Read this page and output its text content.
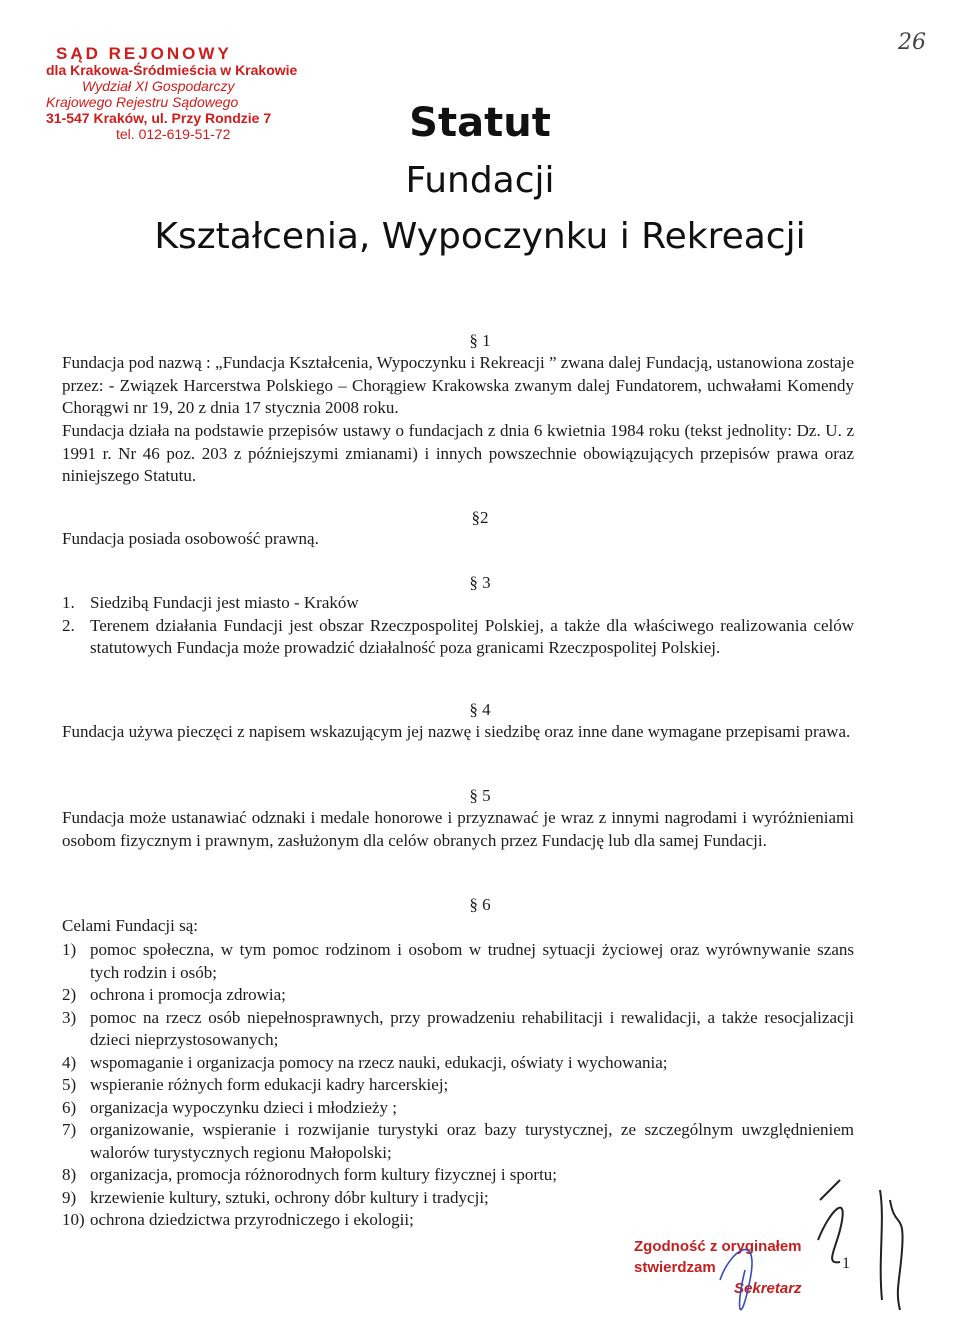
SĄD REJONOWY
dla Krakowa-Śródmieścia w Krakowie
Wydział XI Gospodarczy
Krajowego Rejestru Sądowego
31-547 Kraków, ul. Przy Rondzie 7
tel. 012-619-51-72
26
Statut
Fundacji
Kształcenia, Wypoczynku i Rekreacji
§ 1
Fundacja pod nazwą : „Fundacja Kształcenia, Wypoczynku i Rekreacji ” zwana dalej Fundacją, ustanowiona zostaje przez: - Związek Harcerstwa Polskiego – Chorągiew Krakowska zwanym dalej Fundatorem, uchwałami Komendy Chorągwi nr 19, 20 z dnia 17 stycznia 2008 roku.
Fundacja działa na podstawie przepisów ustawy o fundacjach z dnia 6 kwietnia 1984 roku (tekst jednolity: Dz. U. z 1991 r. Nr 46 poz. 203 z późniejszymi zmianami) i innych powszechnie obowiązujących przepisów prawa oraz niniejszego Statutu.
§2
Fundacja posiada osobowość prawną.
§ 3
1. Siedzibą Fundacji jest miasto - Kraków
2. Terenem działania Fundacji jest obszar Rzeczpospolitej Polskiej, a także dla właściwego realizowania celów statutowych Fundacja może prowadzić działalność poza granicami Rzeczpospolitej Polskiej.
§ 4
Fundacja używa pieczęci z napisem wskazującym jej nazwę i siedzibę oraz inne dane wymagane przepisami prawa.
§ 5
Fundacja może ustanawiać odznaki i medale honorowe i przyznawać je wraz z innymi nagrodami i wyróżnieniami osobom fizycznym i prawnym, zasłużonym dla celów obranych przez Fundację lub dla samej Fundacji.
§ 6
Celami Fundacji są:
1) pomoc społeczna, w tym pomoc rodzinom i osobom w trudnej sytuacji życiowej oraz wyrównywanie szans tych rodzin i osób;
2) ochrona i promocja zdrowia;
3) pomoc na rzecz osób niepełnosprawnych, przy prowadzeniu rehabilitacji i rewalidacji, a także resocjalizacji dzieci nieprzystosowanych;
4) wspomaganie i organizacja pomocy na rzecz nauki, edukacji, oświaty i wychowania;
5) wspieranie różnych form edukacji kadry harcerskiej;
6) organizacja wypoczynku dzieci i młodzieży ;
7) organizowanie, wspieranie i rozwijanie turystyki oraz bazy turystycznej, ze szczególnym uwzględnieniem walorów turystycznych regionu Małopolski;
8) organizacja, promocja różnorodnych form kultury fizycznej i sportu;
9) krzewienie kultury, sztuki, ochrony dóbr kultury i tradycji;
10) ochrona dziedzictwa przyrodniczego i ekologii;
Zgodność z oryginałem
stwierdzam
Sekretarz
1
